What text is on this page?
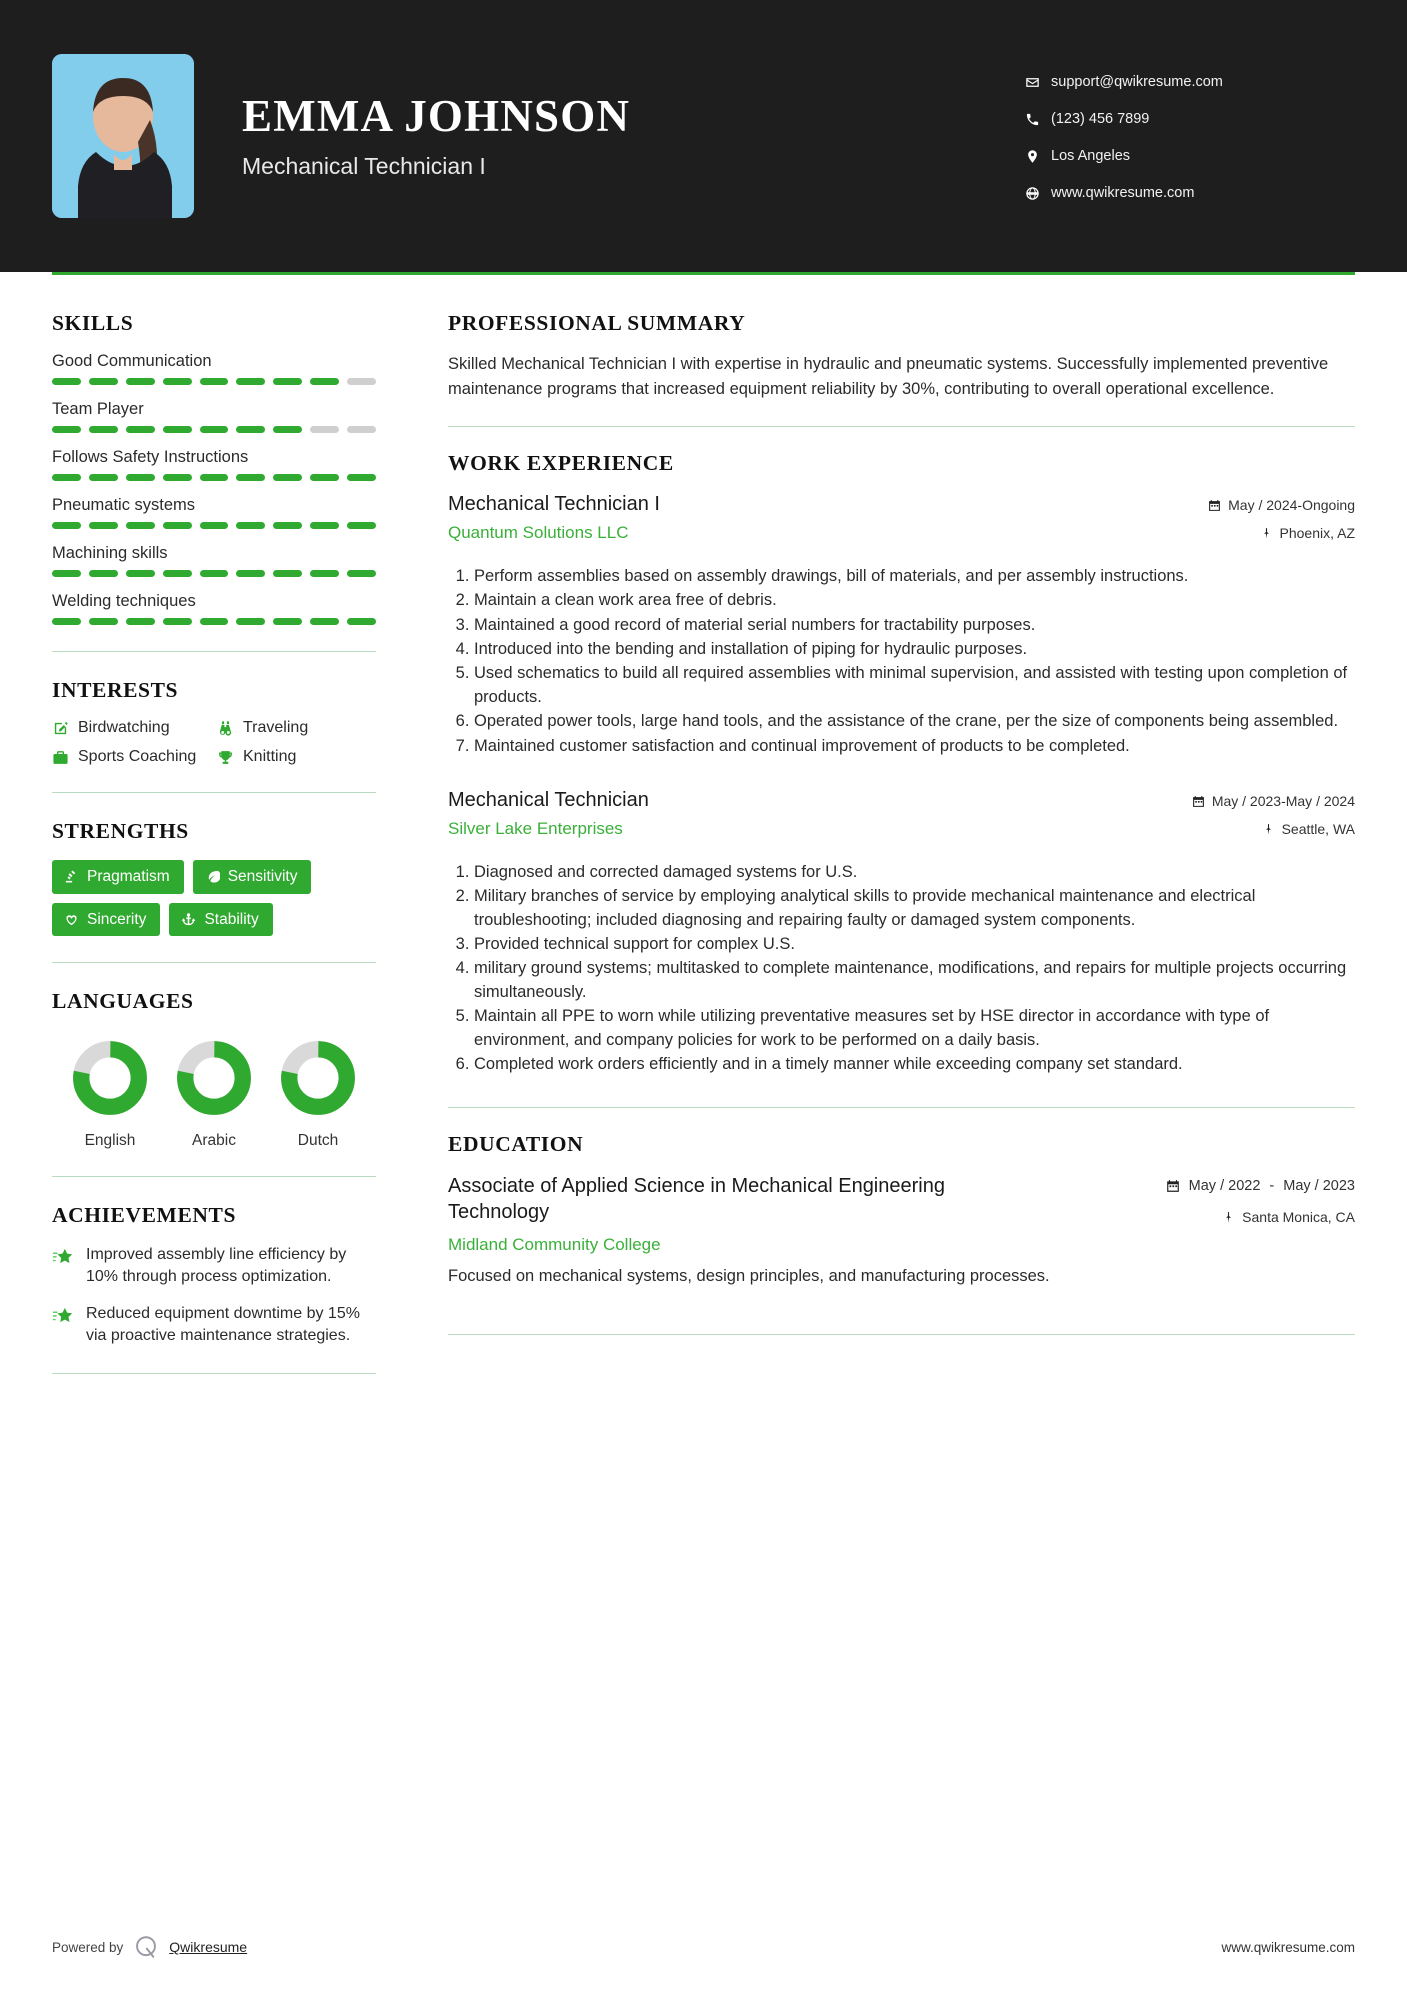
EMMA JOHNSON
Mechanical Technician I
support@qwikresume.com
(123) 456 7899
Los Angeles
www.qwikresume.com
SKILLS
Good Communication
Team Player
Follows Safety Instructions
Pneumatic systems
Machining skills
Welding techniques
INTERESTS
Birdwatching	Traveling
Sports Coaching	Knitting
STRENGTHS
Pragmatism	Sensitivity
Sincerity	Stability
LANGUAGES
English	Arabic	Dutch
ACHIEVEMENTS
Improved assembly line efficiency by 10% through process optimization.
Reduced equipment downtime by 15% via proactive maintenance strategies.
PROFESSIONAL SUMMARY

Skilled Mechanical Technician I with expertise in hydraulic and pneumatic systems. Successfully implemented preventive maintenance programs that increased equipment reliability by 30%, contributing to overall operational excellence.

WORK EXPERIENCE
Mechanical Technician I
Quantum Solutions LLC
May / 2024-Ongoing
Phoenix, AZ
1. Perform assemblies based on assembly drawings, bill of materials, and per assembly instructions.
2. Maintain a clean work area free of debris.
3. Maintained a good record of material serial numbers for tractability purposes.
4. Introduced into the bending and installation of piping for hydraulic purposes.
5. Used schematics to build all required assemblies with minimal supervision, and assisted with testing upon completion of products.
6. Operated power tools, large hand tools, and the assistance of the crane, per the size of components being assembled.
7. Maintained customer satisfaction and continual improvement of products to be completed.
Mechanical Technician
Silver Lake Enterprises
May / 2023-May / 2024
Seattle, WA
1. Diagnosed and corrected damaged systems for U.S.
2. Military branches of service by employing analytical skills to provide mechanical maintenance and electrical troubleshooting; included diagnosing and repairing faulty or damaged system components.
3. Provided technical support for complex U.S.
4. military ground systems; multitasked to complete maintenance, modifications, and repairs for multiple projects occurring simultaneously.
5. Maintain all PPE to worn while utilizing preventative measures set by HSE director in accordance with type of environment, and company policies for work to be performed on a daily basis.
6. Completed work orders efficiently and in a timely manner while exceeding company set standard.
EDUCATION
Associate of Applied Science in Mechanical Engineering Technology
Midland Community College
May / 2022 - May / 2023
Santa Monica, CA

Focused on mechanical systems, design principles, and manufacturing processes.

Powered by	Qwikresume	www.qwikresume.com
